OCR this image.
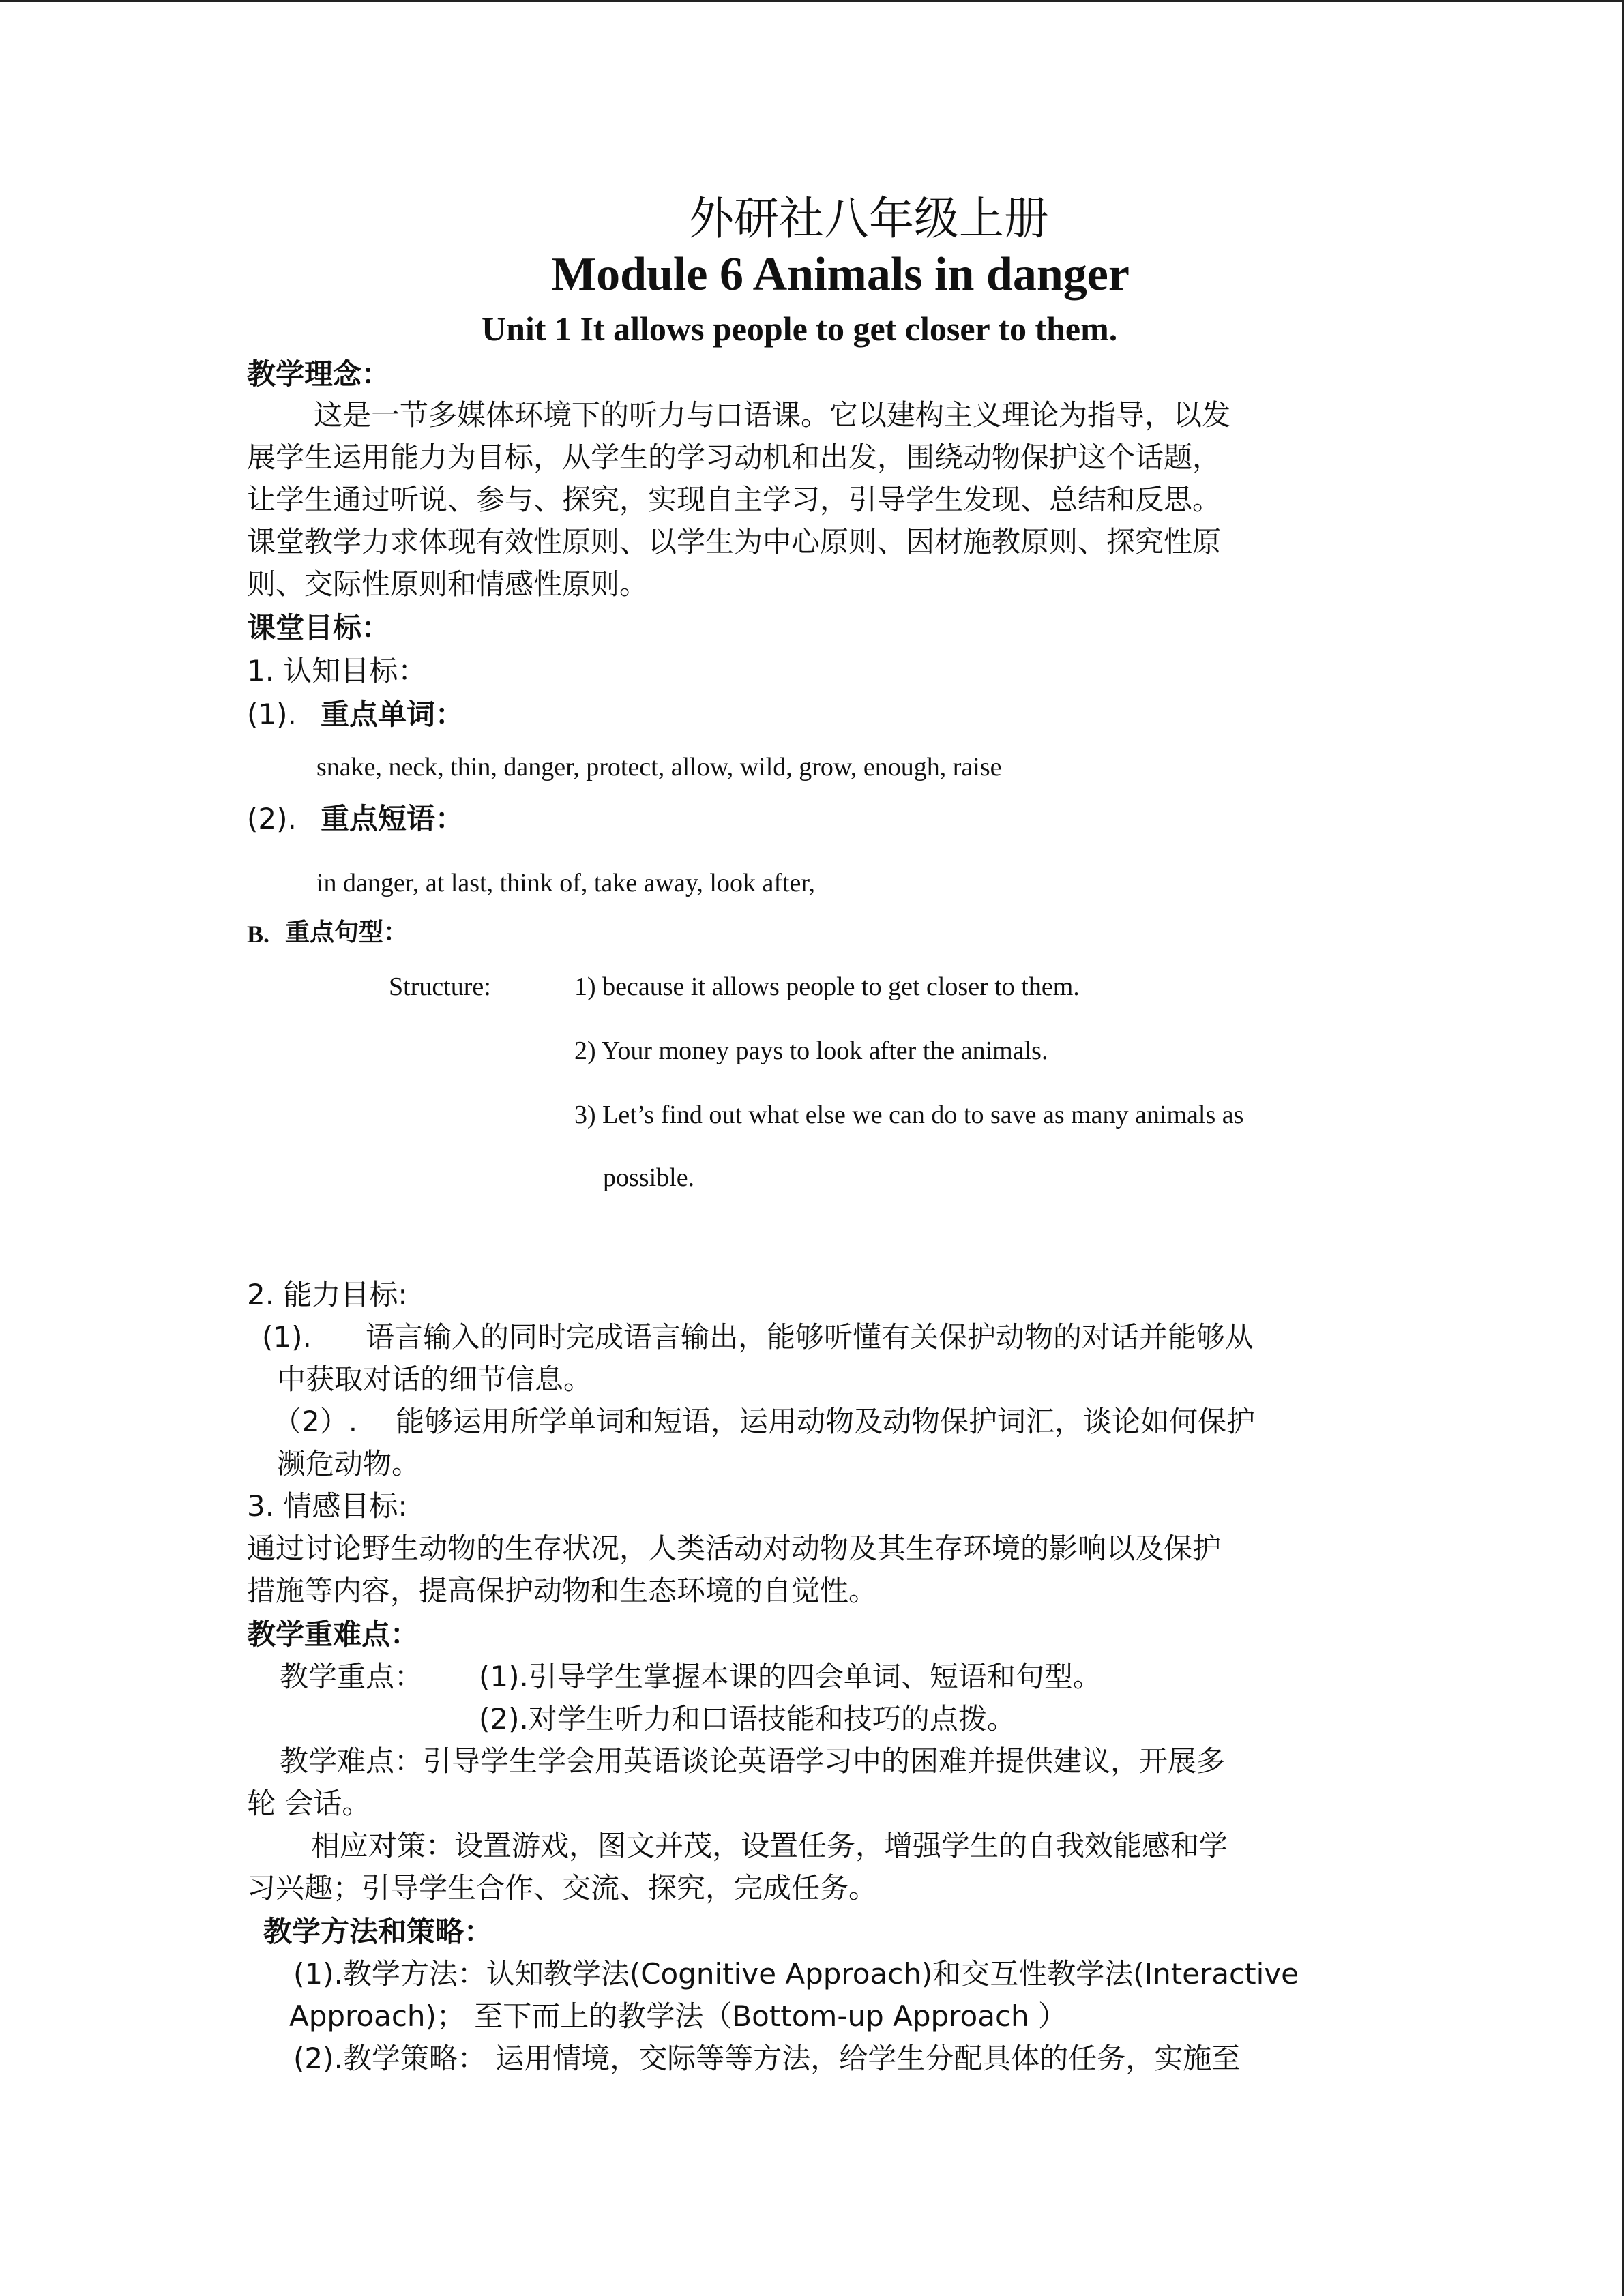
外研社八年级上册
Module 6 Animals in danger
Unit 1 It allows people to get closer to them.
教学理念：
这是一节多媒体环境下的听力与口语课。它以建构主义理论为指导，以发
展学生运用能力为目标，从学生的学习动机和出发，围绕动物保护这个话题，
让学生通过听说、参与、探究，实现自主学习，引导学生发现、总结和反思。
课堂教学力求体现有效性原则、以学生为中心原则、因材施教原则、探究性原
则、交际性原则和情感性原则。
课堂目标：
1. 认知目标：
(1). 重点单词：
snake, neck, thin, danger, protect, allow, wild, grow, enough, raise
(2). 重点短语：
in danger, at last, think of, take away, look after,
B. 重点句型：
Structure:	1) because it allows people to get closer to them.
2) Your money pays to look after the animals.
3) Let’s find out what else we can do to save as many animals as
possible.
2. 能力目标:
(1). 语言输入的同时完成语言输出，能够听懂有关保护动物的对话并能够从
中获取对话的细节信息。
（2）. 能够运用所学单词和短语，运用动物及动物保护词汇，谈论如何保护
濒危动物。
3. 情感目标:
通过讨论野生动物的生存状况，人类活动对动物及其生存环境的影响以及保护
措施等内容，提高保护动物和生态环境的自觉性。
教学重难点：
教学重点： (1).引导学生掌握本课的四会单词、短语和句型。
(2).对学生听力和口语技能和技巧的点拨。
教学难点：引导学生学会用英语谈论英语学习中的困难并提供建议，开展多
轮 会话。
相应对策：设置游戏，图文并茂，设置任务，增强学生的自我效能感和学
习兴趣；引导学生合作、交流、探究，完成任务。
教学方法和策略：
(1).教学方法：认知教学法(Cognitive Approach)和交互性教学法(Interactive
Approach)； 至下而上的教学法（Bottom-up Approach ）
(2).教学策略： 运用情境，交际等等方法，给学生分配具体的任务，实施至
